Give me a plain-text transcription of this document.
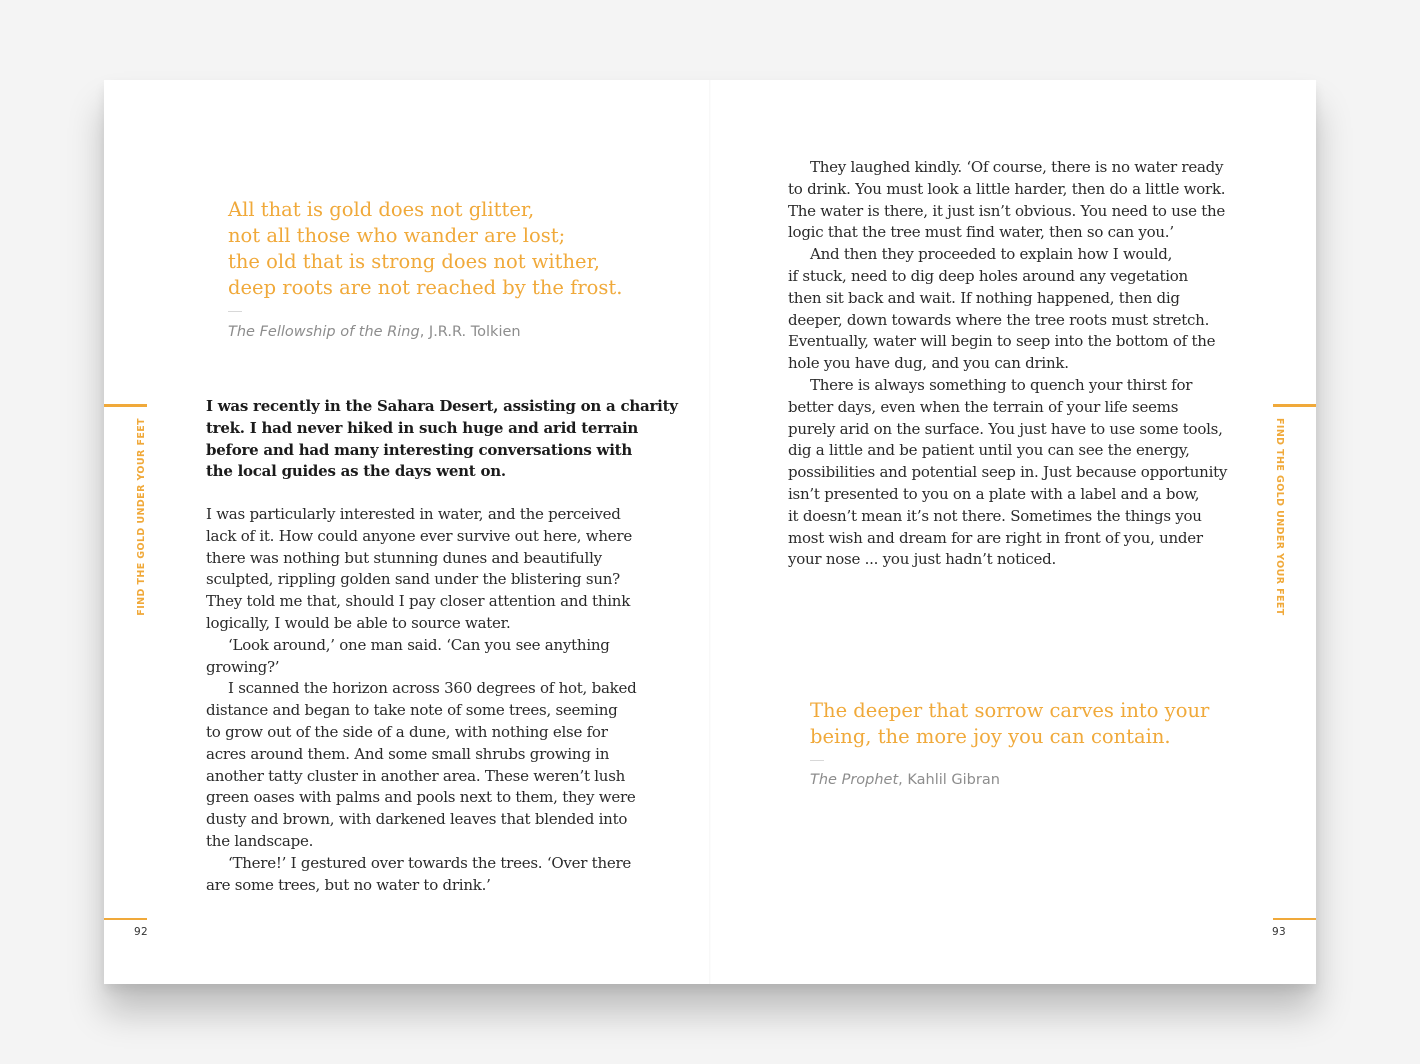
All that is gold does not glitter,
not all those who wander are lost;
the old that is strong does not wither,
deep roots are not reached by the frost.

The Fellowship of the Ring, J.R.R. Tolkien

I was recently in the Sahara Desert, assisting on a charity
trek. I had never hiked in such huge and arid terrain
before and had many interesting conversations with
the local guides as the days went on.

I was particularly interested in water, and the perceived
lack of it. How could anyone ever survive out here, where
there was nothing but stunning dunes and beautifully
sculpted, rippling golden sand under the blistering sun?
They told me that, should I pay closer attention and think
logically, I would be able to source water.
‘Look around,’ one man said. ‘Can you see anything
growing?’
I scanned the horizon across 360 degrees of hot, baked
distance and began to take note of some trees, seeming
to grow out of the side of a dune, with nothing else for
acres around them. And some small shrubs growing in
another tatty cluster in another area. These weren’t lush
green oases with palms and pools next to them, they were
dusty and brown, with darkened leaves that blended into
the landscape.
‘There!’ I gestured over towards the trees. ‘Over there
are some trees, but no water to drink.’

FIND THE GOLD UNDER YOUR FEET
92

They laughed kindly. ‘Of course, there is no water ready
to drink. You must look a little harder, then do a little work.
The water is there, it just isn’t obvious. You need to use the
logic that the tree must find water, then so can you.’
And then they proceeded to explain how I would,
if stuck, need to dig deep holes around any vegetation
then sit back and wait. If nothing happened, then dig
deeper, down towards where the tree roots must stretch.
Eventually, water will begin to seep into the bottom of the
hole you have dug, and you can drink.
There is always something to quench your thirst for
better days, even when the terrain of your life seems
purely arid on the surface. You just have to use some tools,
dig a little and be patient until you can see the energy,
possibilities and potential seep in. Just because opportunity
isn’t presented to you on a plate with a label and a bow,
it doesn’t mean it’s not there. Sometimes the things you
most wish and dream for are right in front of you, under
your nose ... you just hadn’t noticed.

The deeper that sorrow carves into your
being, the more joy you can contain.

The Prophet, Kahlil Gibran

FIND THE GOLD UNDER YOUR FEET
93
